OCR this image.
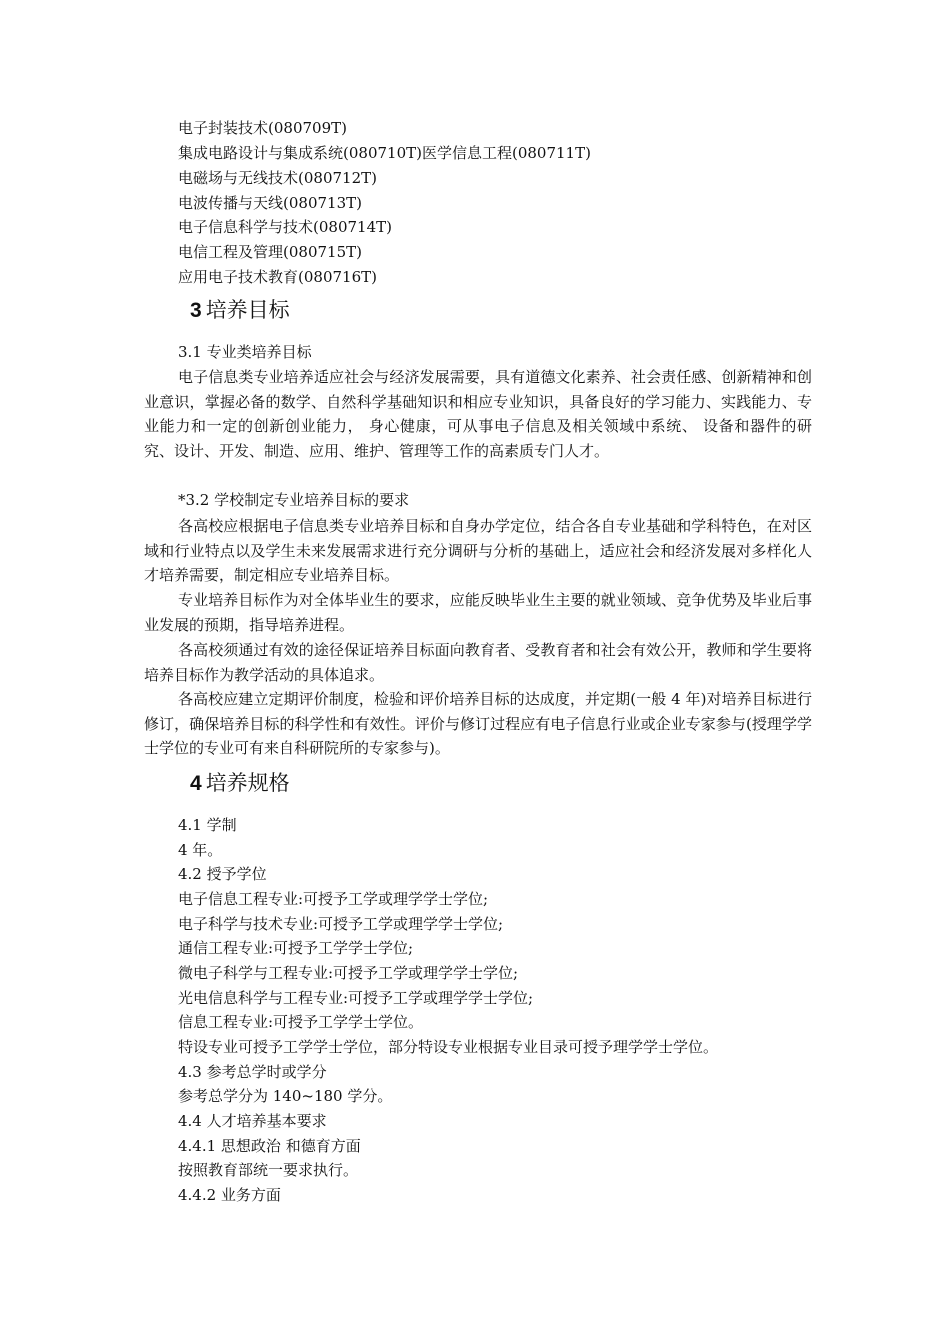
电子封装技术(080709T)
集成电路设计与集成系统(080710T)医学信息工程(080711T)
电磁场与无线技术(080712T)
电波传播与天线(080713T)
电子信息科学与技术(080714T)
电信工程及管理(080715T)
应用电子技术教育(080716T)
3 培养目标
3.1 专业类培养目标

电子信息类专业培养适应社会与经济发展需要，具有道德文化素养、社会责任感、创新精神和创业意识，掌握必备的数学、自然科学基础知识和相应专业知识，具备良好的学习能力、实践能力、专业能力和一定的创新创业能力， 身心健康，可从事电子信息及相关领域中系统、 设备和器件的研究、设计、开发、制造、应用、维护、管理等工作的高素质专门人才。

*3.2 学校制定专业培养目标的要求

各高校应根据电子信息类专业培养目标和自身办学定位，结合各自专业基础和学科特色，在对区域和行业特点以及学生未来发展需求进行充分调研与分析的基础上，适应社会和经济发展对多样化人才培养需要，制定相应专业培养目标。

专业培养目标作为对全体毕业生的要求，应能反映毕业生主要的就业领域、竞争优势及毕业后事业发展的预期，指导培养进程。

各高校须通过有效的途径保证培养目标面向教育者、受教育者和社会有效公开，教师和学生要将培养目标作为教学活动的具体追求。

各高校应建立定期评价制度，检验和评价培养目标的达成度，并定期(一般 4 年)对培养目标进行修订，确保培养目标的科学性和有效性。评价与修订过程应有电子信息行业或企业专家参与(授理学学士学位的专业可有来自科研院所的专家参与)。

4 培养规格
4.1 学制
4 年。
4.2 授予学位
电子信息工程专业:可授予工学或理学学士学位;
电子科学与技术专业:可授予工学或理学学士学位;
通信工程专业:可授予工学学士学位;
微电子科学与工程专业:可授予工学或理学学士学位;
光电信息科学与工程专业:可授予工学或理学学士学位;
信息工程专业:可授予工学学士学位。
特设专业可授予工学学士学位，部分特设专业根据专业目录可授予理学学士学位。
4.3 参考总学时或学分
参考总学分为 140~180 学分。
4.4 人才培养基本要求
4.4.1 思想政治 和德育方面
按照教育部统一要求执行。
4.4.2 业务方面
